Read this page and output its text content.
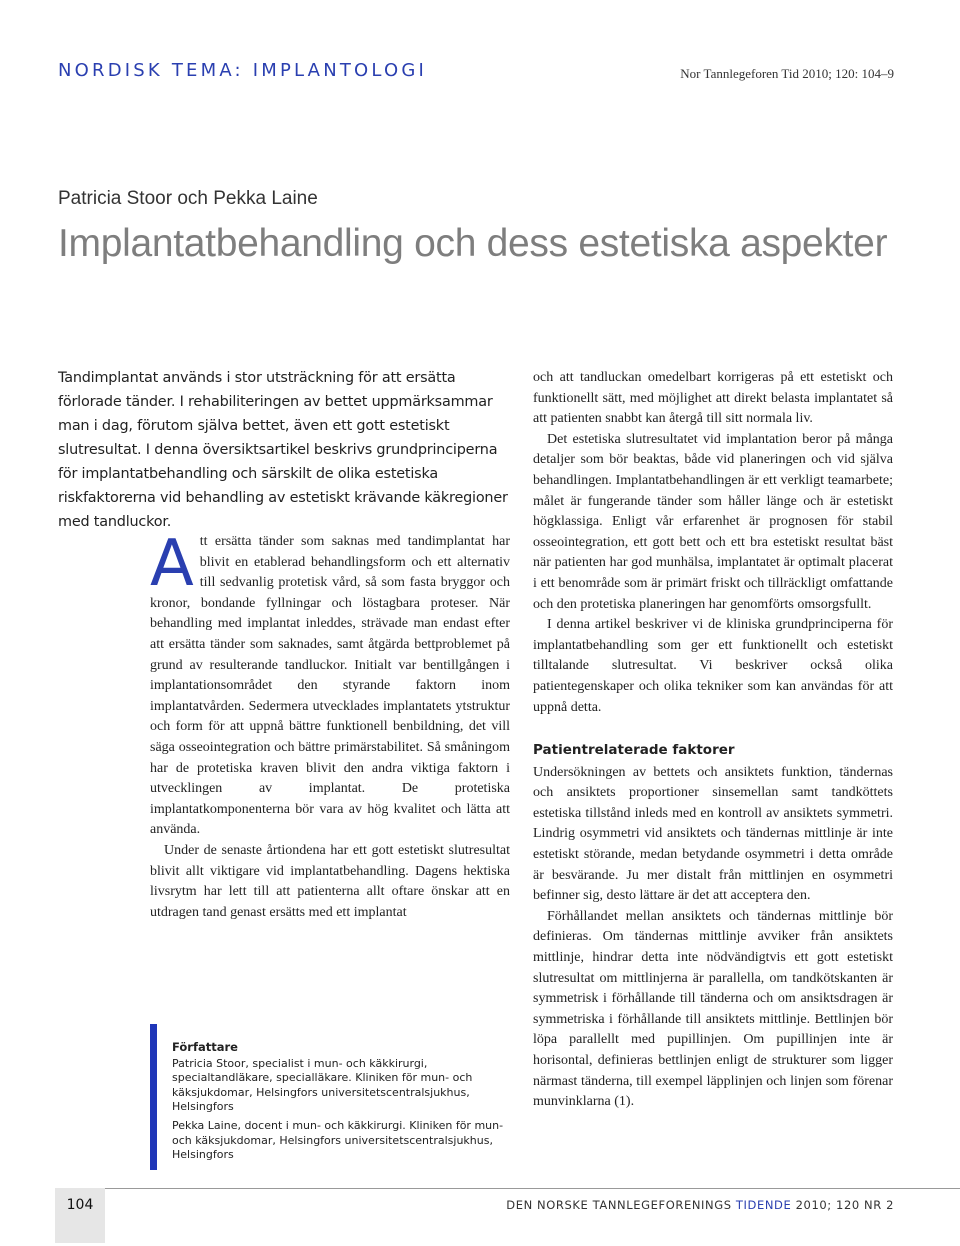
NORDISK TEMA: IMPLANTOLOGI	Nor Tannlegeforen Tid 2010; 120: 104–9
Patricia Stoor och Pekka Laine
Implantatbehandling och dess estetiska aspekter
Tandimplantat används i stor utsträckning för att ersätta förlorade tänder. I rehabiliteringen av bettet uppmärksammar man i dag, förutom själva bettet, även ett gott estetiskt slutresultat. I denna översiktsartikel beskrivs grundprinciperna för implantatbehandling och särskilt de olika estetiska riskfaktorerna vid behandling av estetiskt krävande käkregioner med tandluckor.

Att ersätta tänder som saknas med tandimplantat har blivit en etablerad behandlingsform och ett alternativ till sedvanlig protetisk vård, så som fasta bryggor och kronor, bondande fyllningar och löstagbara proteser. När behandling med implantat inleddes, strävade man endast efter att ersätta tänder som saknades, samt åtgärda bettproblemet på grund av resulterande tandluckor. Initialt var bentillgången i implantationsområdet den styrande faktorn inom implantatvården. Sedermera utvecklades implantatets ytstruktur och form för att uppnå bättre funktionell benbildning, det vill säga osseointegration och bättre primärstabilitet. Så småningom har de protetiska kraven blivit den andra viktiga faktorn i utvecklingen av implantat. De protetiska implantatkomponenterna bör vara av hög kvalitet och lätta att använda.

Under de senaste årtiondena har ett gott estetiskt slutresultat blivit allt viktigare vid implantatbehandling. Dagens hektiska livsrytm har lett till att patienterna allt oftare önskar att en utdragen tand genast ersätts med ett implantat

och att tandluckan omedelbart korrigeras på ett estetiskt och funktionellt sätt, med möjlighet att direkt belasta implantatet så att patienten snabbt kan återgå till sitt normala liv.

Det estetiska slutresultatet vid implantation beror på många detaljer som bör beaktas, både vid planeringen och vid själva behandlingen. Implantatbehandlingen är ett verkligt teamarbete; målet är fungerande tänder som håller länge och är estetiskt högklassiga. Enligt vår erfarenhet är prognosen för stabil osseointegration, ett gott bett och ett bra estetiskt resultat bäst när patienten har god munhälsa, implantatet är optimalt placerat i ett benområde som är primärt friskt och tillräckligt omfattande och den protetiska planeringen har genomförts omsorgsfullt.

I denna artikel beskriver vi de kliniska grundprinciperna för implantatbehandling som ger ett funktionellt och estetiskt tilltalande slutresultat. Vi beskriver också olika patientegenskaper och olika tekniker som kan användas för att uppnå detta.

Patientrelaterade faktorer

Undersökningen av bettets och ansiktets funktion, tändernas och ansiktets proportioner sinsemellan samt tandköttets estetiska tillstånd inleds med en kontroll av ansiktets symmetri. Lindrig osymmetri vid ansiktets och tändernas mittlinje är inte estetiskt störande, medan betydande osymmetri i detta område är besvärande. Ju mer distalt från mittlinjen en osymmetri befinner sig, desto lättare är det att acceptera den.

Förhållandet mellan ansiktets och tändernas mittlinje bör definieras. Om tändernas mittlinje avviker från ansiktets mittlinje, hindrar detta inte nödvändigtvis ett gott estetiskt slutresultat om mittlinjerna är parallella, om tandkötskanten är symmetrisk i förhållande till tänderna och om ansiktsdragen är symmetriska i förhållande till ansiktets mittlinje. Bettlinjen bör löpa parallellt med pupillinjen. Om pupillinjen inte är horisontal, definieras bettlinjen enligt de strukturer som ligger närmast tänderna, till exempel läpplinjen och linjen som förenar munvinklarna (1).

Författare

Patricia Stoor, specialist i mun- och käkkirurgi, specialtandläkare, specialläkare. Kliniken för mun- och käksjukdomar, Helsingfors universitetscentralsjukhus, Helsingfors

Pekka Laine, docent i mun- och käkkirurgi. Kliniken för mun- och käksjukdomar, Helsingfors universitetscentralsjukhus, Helsingfors

104	DEN NORSKE TANNLEGEFORENINGS TIDENDE 2010; 120 NR 2
